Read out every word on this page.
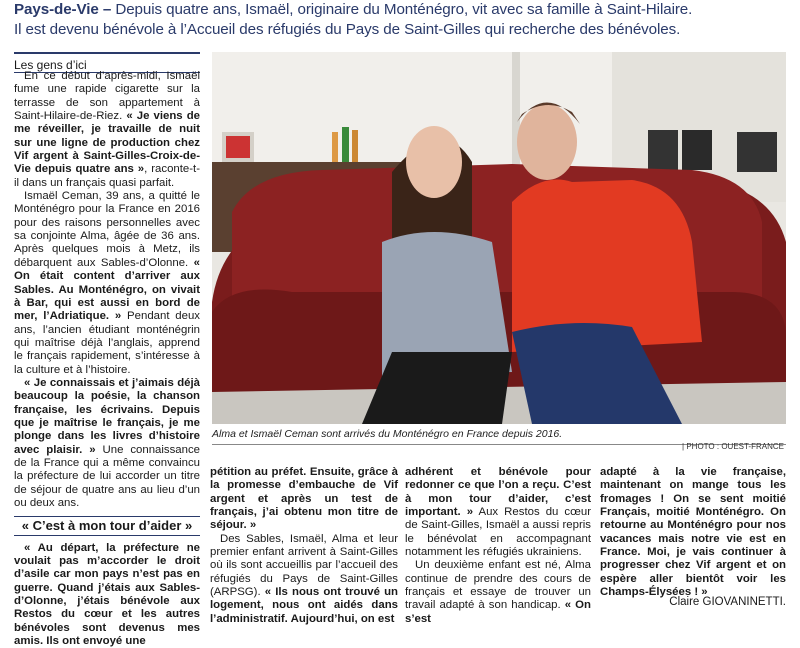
Pays-de-Vie – Depuis quatre ans, Ismaël, originaire du Monténégro, vit avec sa famille à Saint-Hilaire.
Il est devenu bénévole à l’Accueil des réfugiés du Pays de Saint-Gilles qui recherche des bénévoles.
Les gens d’ici

En ce début d’après-midi, Ismaël fume une rapide cigarette sur la terrasse de son appartement à Saint-Hilaire-de-Riez. « Je viens de me réveiller, je travaille de nuit sur une ligne de production chez Vif argent à Saint-Gilles-Croix-de-Vie depuis quatre ans », raconte-t-il dans un français quasi parfait.

Ismaël Ceman, 39 ans, a quitté le Monténégro pour la France en 2016 pour des raisons personnelles avec sa conjointe Alma, âgée de 36 ans. Après quelques mois à Metz, ils débarquent aux Sables-d’Olonne. « On était content d’arriver aux Sables. Au Monténégro, on vivait à Bar, qui est aussi en bord de mer, l’Adriatique. » Pendant deux ans, l’ancien étudiant monténégrin qui maîtrise déjà l’anglais, apprend le français rapidement, s’intéresse à la culture et à l’histoire.

« Je connaissais et j’aimais déjà beaucoup la poésie, la chanson française, les écrivains. Depuis que je maîtrise le français, je me plonge dans les livres d’histoire avec plaisir. » Une connaissance de la France qui a même convaincu la préfecture de lui accorder un titre de séjour de quatre ans au lieu d’un ou deux ans.

« C’est à mon tour d’aider »

« Au départ, la préfecture ne voulait pas m’accorder le droit d’asile car mon pays n’est pas en guerre. Quand j’étais aux Sables-d’Olonne, j’étais bénévole aux Restos du cœur et les autres bénévoles sont devenus mes amis. Ils ont envoyé une

Alma et Ismaël Ceman sont arrivés du Monténégro en France depuis 2016.
| PHOTO : OUEST-FRANCE

pétition au préfet. Ensuite, grâce à la promesse d’embauche de Vif argent et après un test de français, j’ai obtenu mon titre de séjour. »

Des Sables, Ismaël, Alma et leur premier enfant arrivent à Saint-Gilles où ils sont accueillis par l’accueil des réfugiés du Pays de Saint-Gilles (ARPSG). « Ils nous ont trouvé un logement, nous ont aidés dans l’administratif. Aujourd’hui, on est

adhérent et bénévole pour redonner ce que l’on a reçu. C’est à mon tour d’aider, c’est important. » Aux Restos du cœur de Saint-Gilles, Ismaël a aussi repris le bénévolat en accompagnant notamment les réfugiés ukrainiens.

Un deuxième enfant est né, Alma continue de prendre des cours de français et essaye de trouver un travail adapté à son handicap. « On s’est

adapté à la vie française, maintenant on mange tous les fromages ! On se sent moitié Français, moitié Monténégro. On retourne au Monténégro pour nos vacances mais notre vie est en France. Moi, je vais continuer à progresser chez Vif argent et on espère aller bientôt voir les Champs-Élysées ! »

Claire GIOVANINETTI.
